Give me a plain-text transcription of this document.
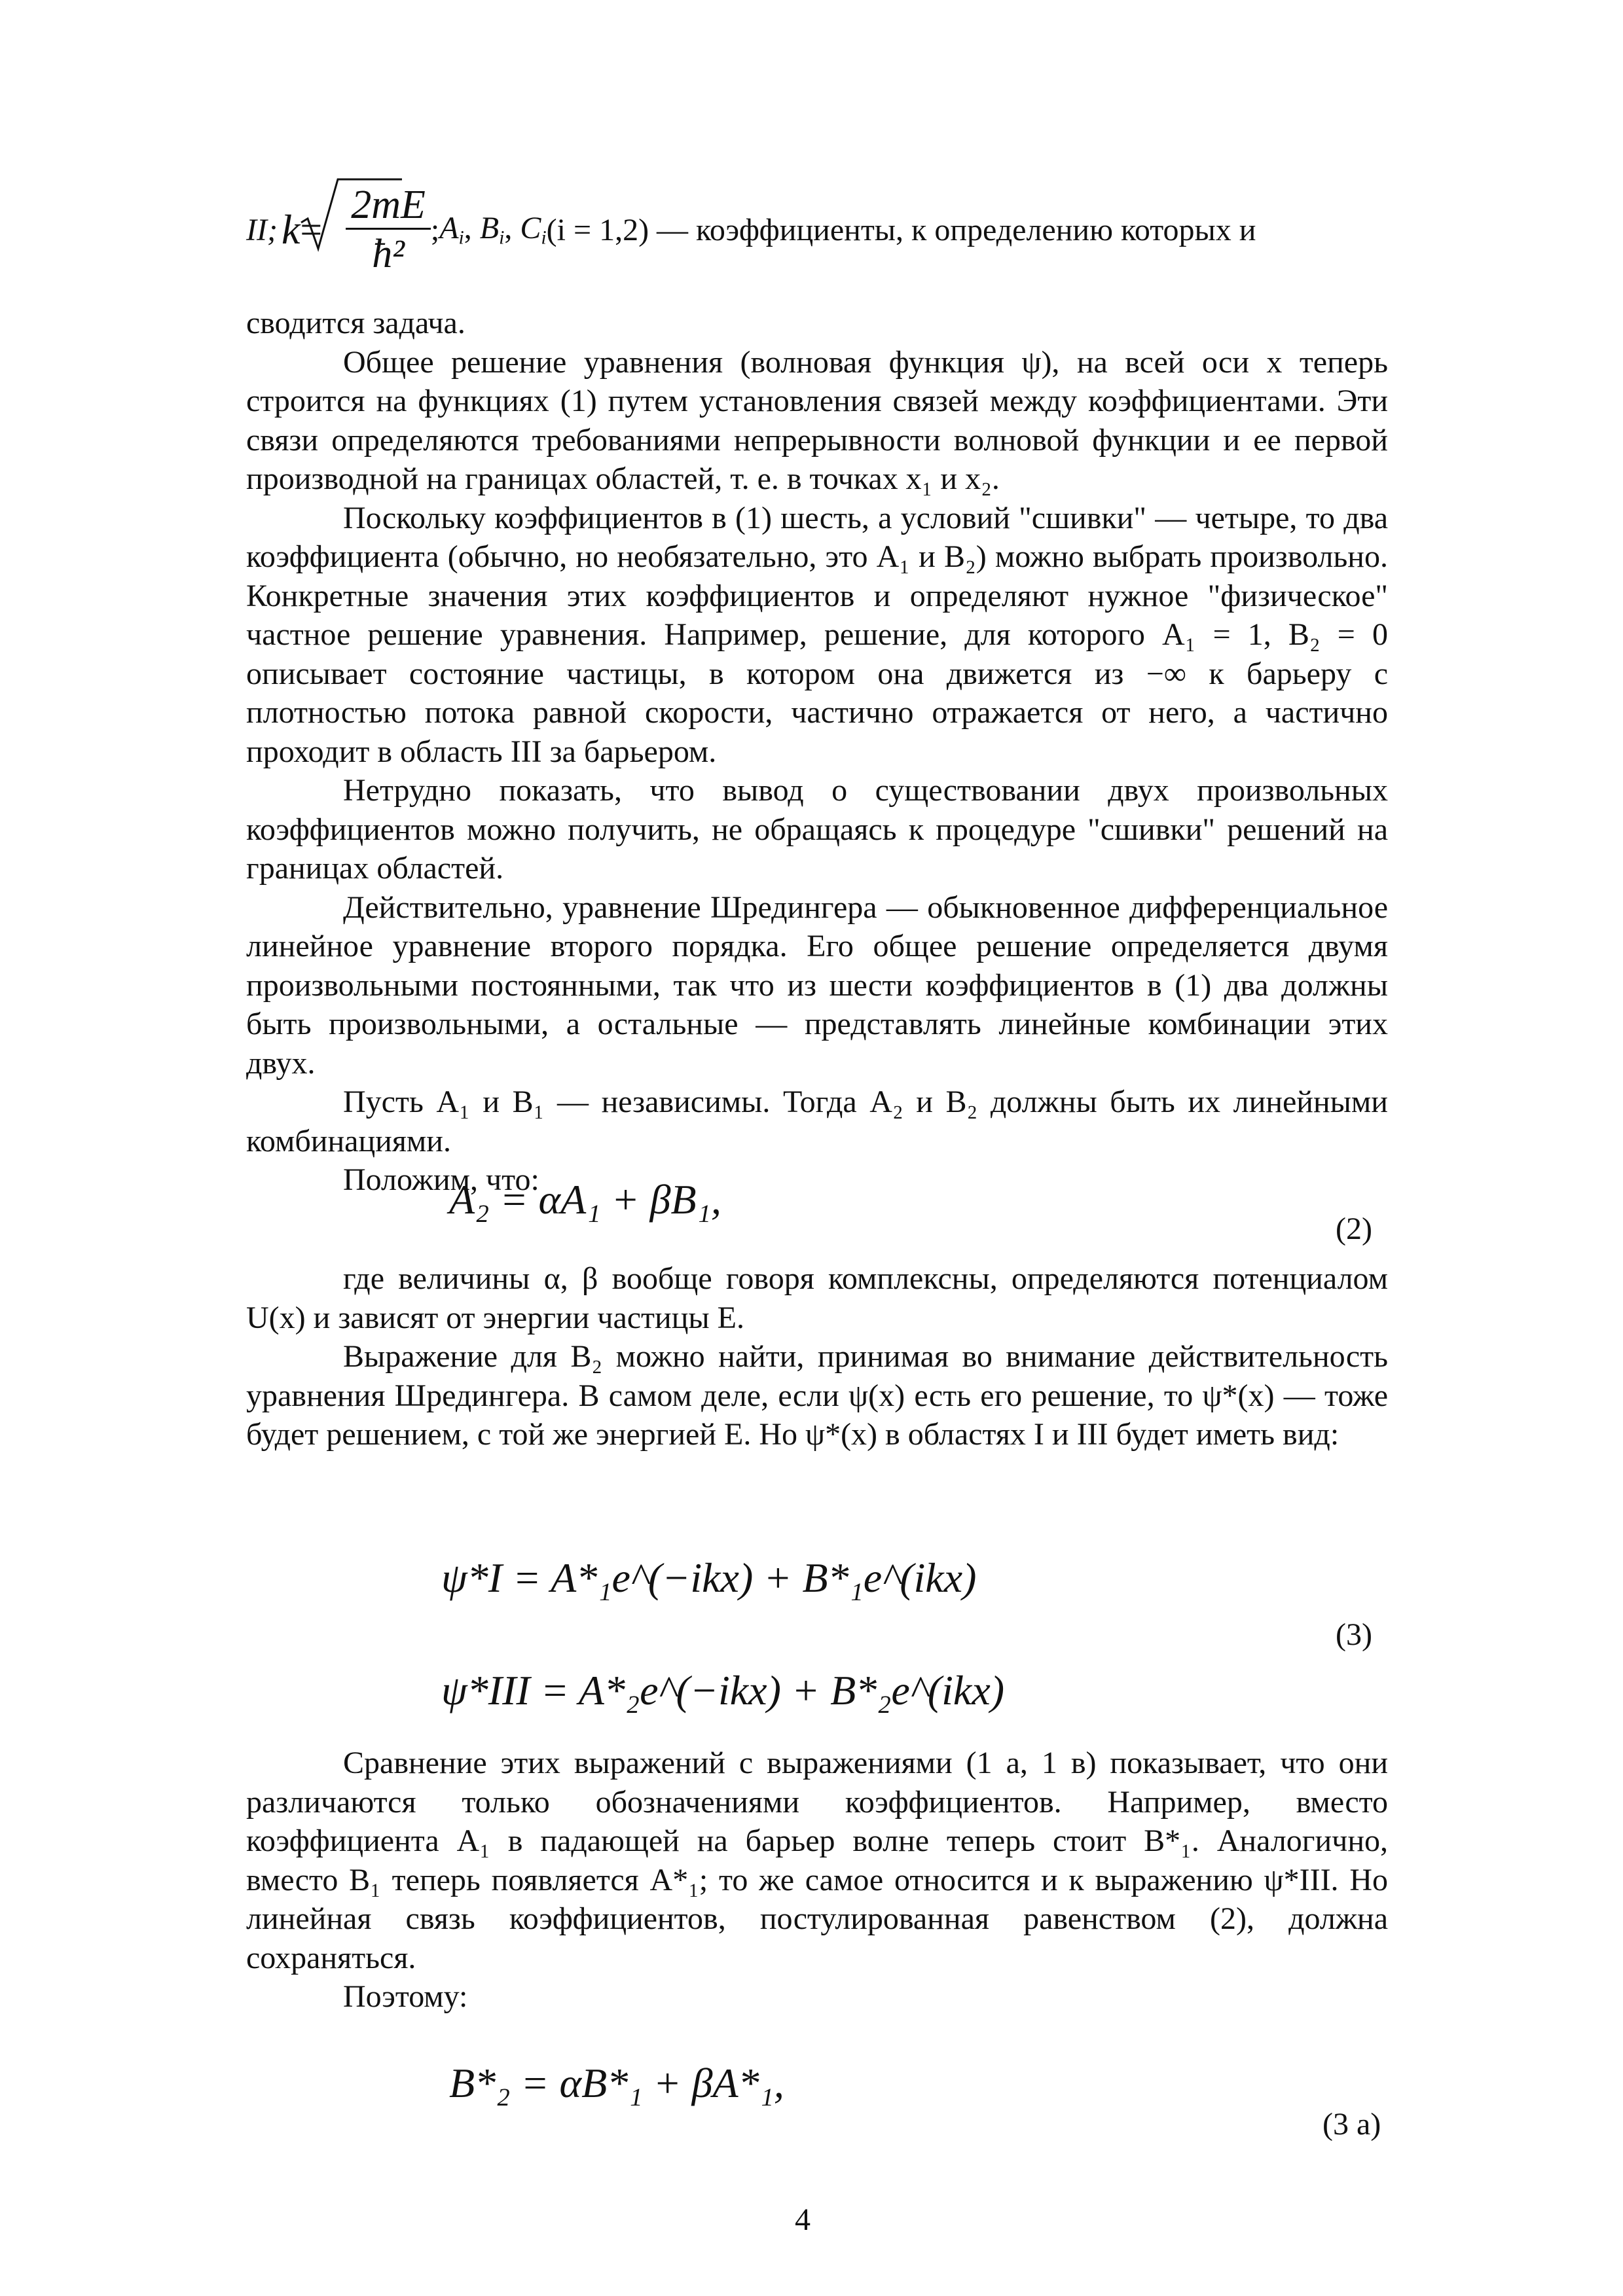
II; $k = \frac{2mE}{\text{ħ²}}$ ; $A_i$, $B_i$, $C_i$ (i = 1,2) — коэффициенты, к определению которых и

сводится задача.

Общее решение уравнения (волновая функция ψ), на всей оси x теперь строится на функциях (1) путем установления связей между коэффициентами. Эти связи определяются требованиями непрерывности волновой функции и ее первой производной на границах областей, т. е. в точках x₁ и x₂.

Поскольку коэффициентов в (1) шесть, а условий "сшивки" — четыре, то два коэффициента (обычно, но необязательно, это A₁ и B₂) можно выбрать произвольно. Конкретные значения этих коэффициентов и определяют нужное "физическое" частное решение уравнения. Например, решение, для которого A₁ = 1, B₂ = 0 описывает состояние частицы, в котором она движется из −∞ к барьеру с плотностью потока равной скорости, частично отражается от него, а частично проходит в область III за барьером.

Нетрудно показать, что вывод о существовании двух произвольных коэффициентов можно получить, не обращаясь к процедуре "сшивки" решений на границах областей.

Действительно, уравнение Шредингера — обыкновенное дифференциальное линейное уравнение второго порядка. Его общее решение определяется двумя произвольными постоянными, так что из шести коэффициентов в (1) два должны быть произвольными, а остальные — представлять линейные комбинации этих двух.

Пусть A₁ и B₁ — независимы. Тогда A₂ и B₂ должны быть их линейными комбинациями.

Положим, что:

A₂ = αA₁ + βB₁,
(2)

где величины α, β вообще говоря комплексны, определяются потенциалом U(x) и зависят от энергии частицы E.

Выражение для B₂ можно найти, принимая во внимание действительность уравнения Шредингера. В самом деле, если ψ(x) есть его решение, то ψ*(x) — тоже будет решением, с той же энергией E. Но ψ*(x) в областях I и III будет иметь вид:

ψ*I = A*₁e^(−ikx) + B*₁e^(ikx)
ψ*III = A*₂e^(−ikx) + B*₂e^(ikx)
(3)

Сравнение этих выражений с выражениями (1 а, 1 в) показывает, что они различаются только обозначениями коэффициентов. Например, вместо коэффициента A₁ в падающей на барьер волне теперь стоит B*₁. Аналогично, вместо B₁ теперь появляется A*₁; то же самое относится и к выражению ψ*III. Но линейная связь коэффициентов, постулированная равенством (2), должна сохраняться.

Поэтому:

B*₂ = αB*₁ + βA*₁,
(3 а)
4
